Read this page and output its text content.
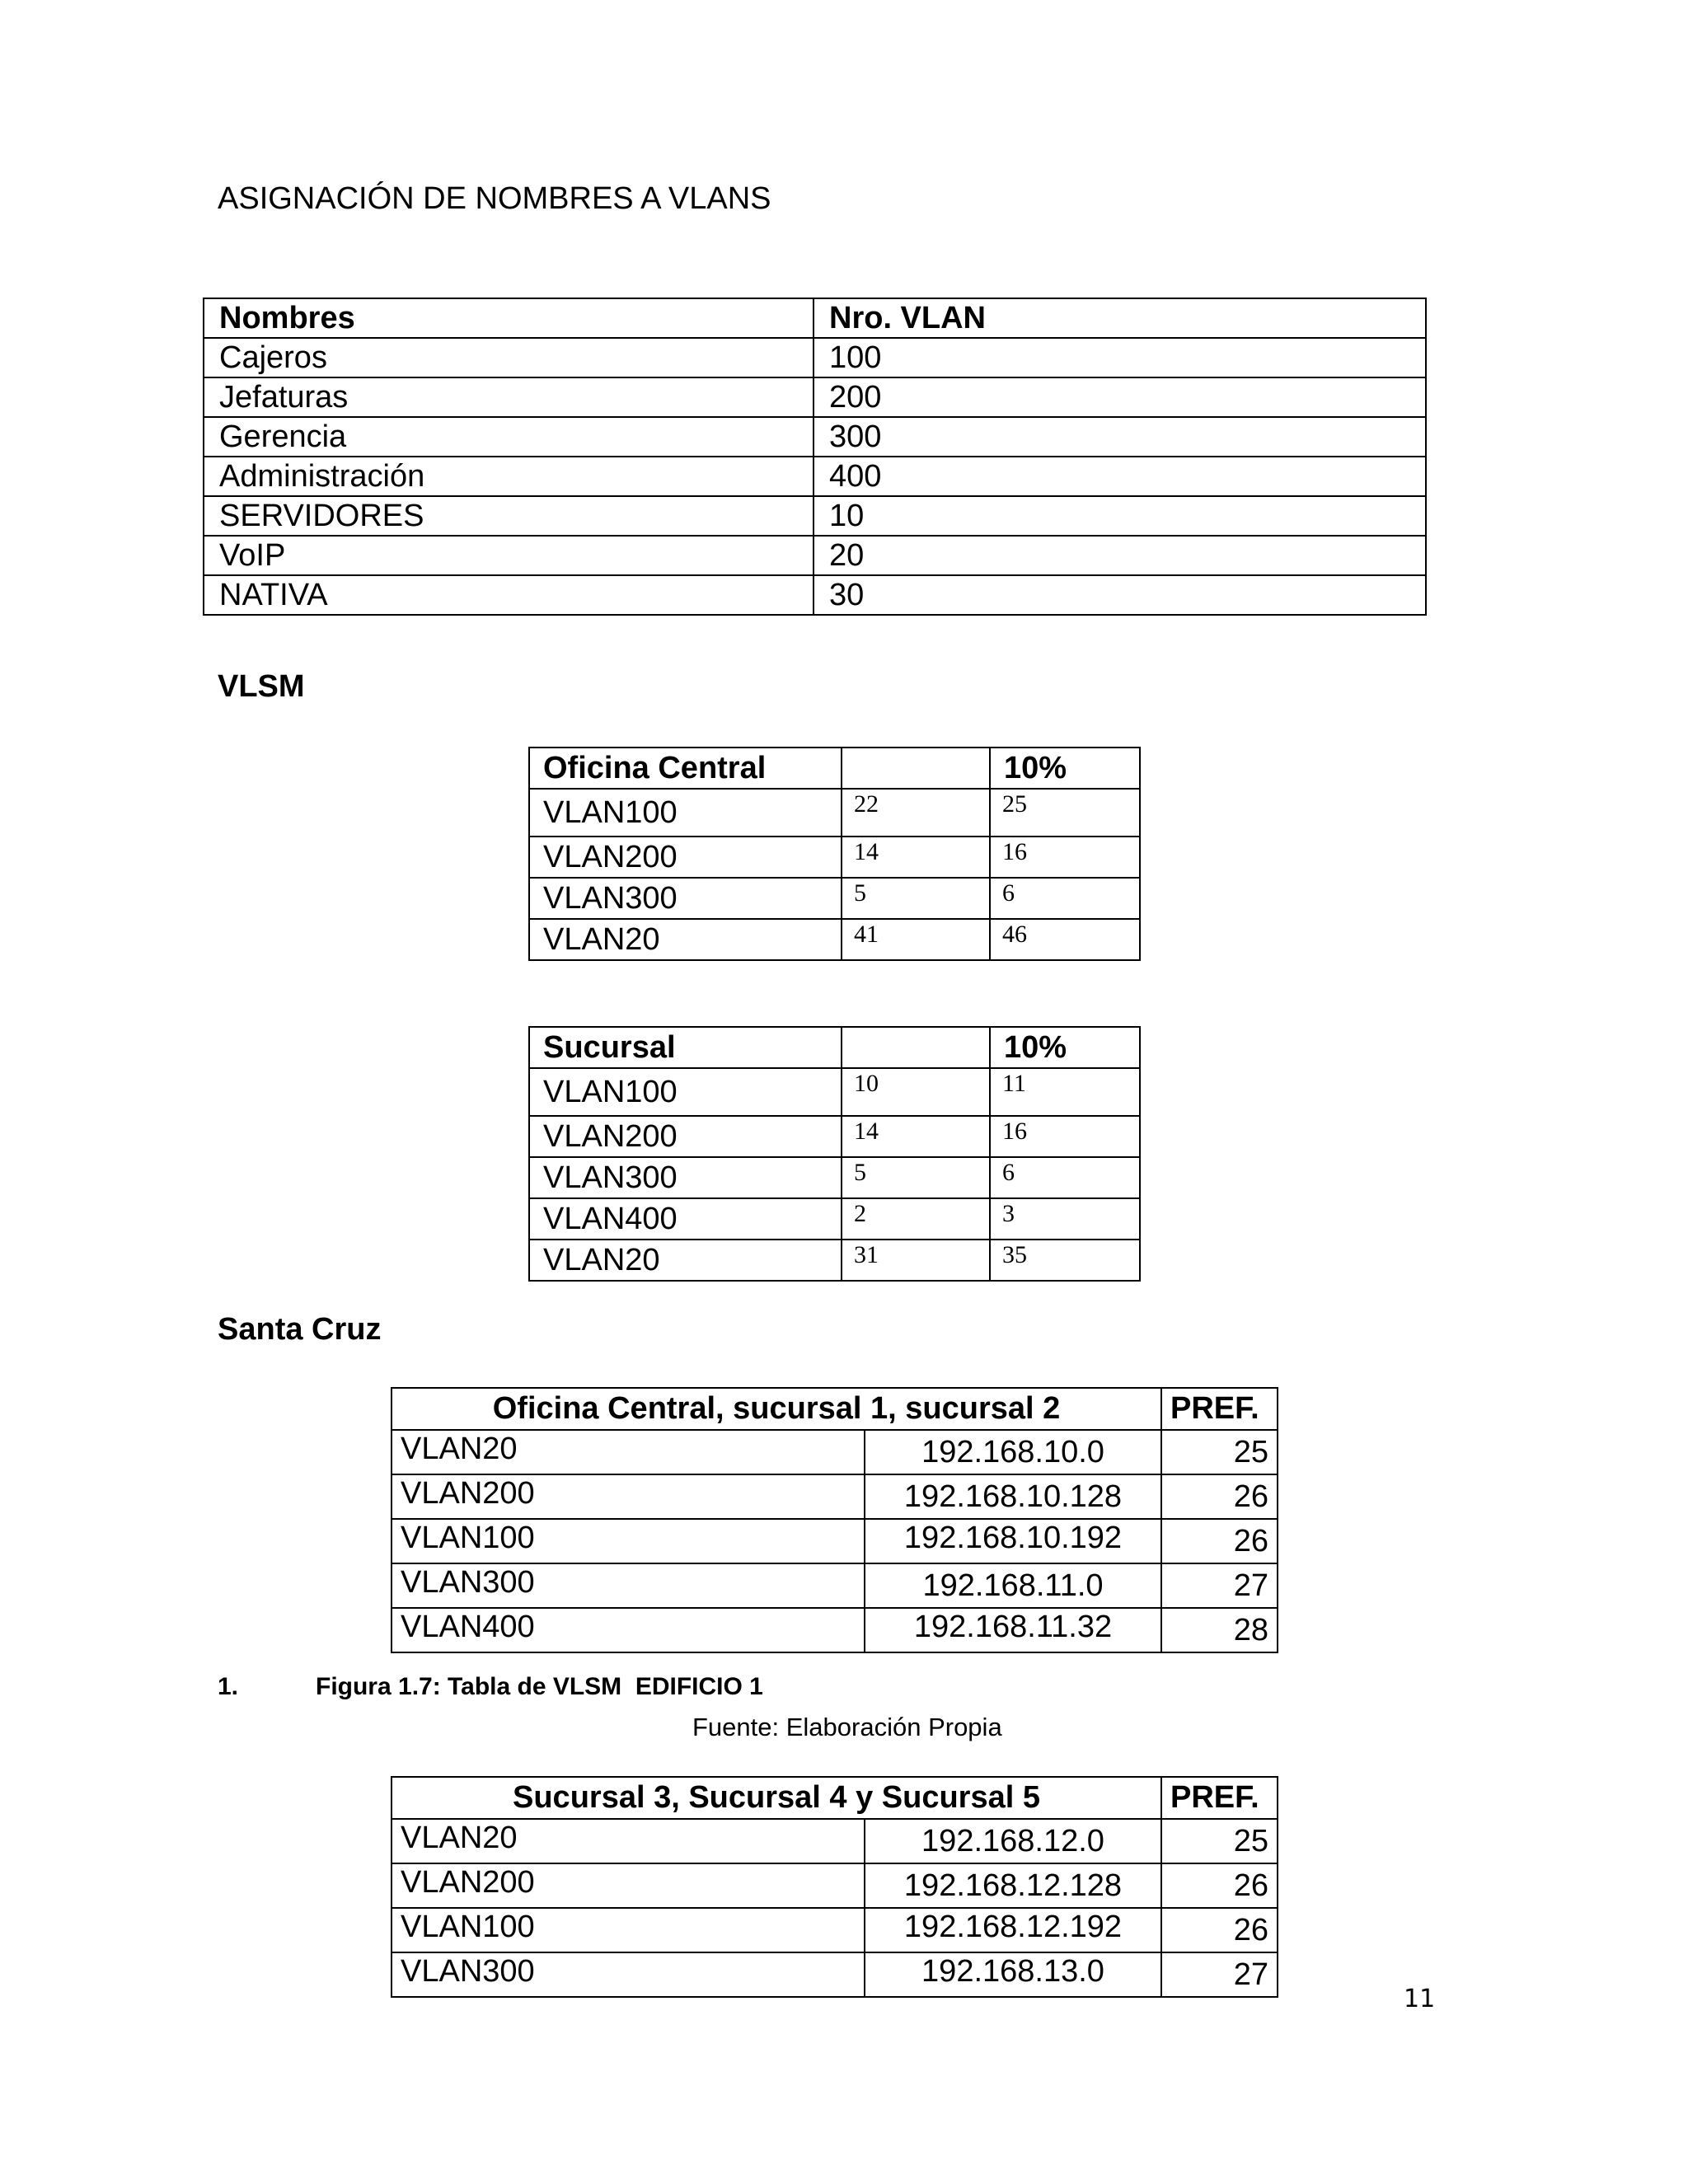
ASIGNACIÓN DE NOMBRES A VLANS
Nombres	Nro. VLAN
Cajeros	100
Jefaturas	200
Gerencia	300
Administración	400
SERVIDORES	10
VoIP	20
NATIVA	30
VLSM
Oficina Central		10%
VLAN100	22	25
VLAN200	14	16
VLAN300	5	6
VLAN20	41	46
Sucursal		10%
VLAN100	10	11
VLAN200	14	16
VLAN300	5	6
VLAN400	2	3
VLAN20	31	35
Santa Cruz
Oficina Central, sucursal 1, sucursal 2		PREF.
VLAN20	192.168.10.0	25
VLAN200	192.168.10.128	26
VLAN100	192.168.10.192	26
VLAN300	192.168.11.0	27
VLAN400	192.168.11.32	28
1.	Figura 1.7: Tabla de VLSM  EDIFICIO 1
Fuente: Elaboración Propia
Sucursal 3, Sucursal 4 y Sucursal 5		PREF.
VLAN20	192.168.12.0	25
VLAN200	192.168.12.128	26
VLAN100	192.168.12.192	26
VLAN300	192.168.13.0	27
11
